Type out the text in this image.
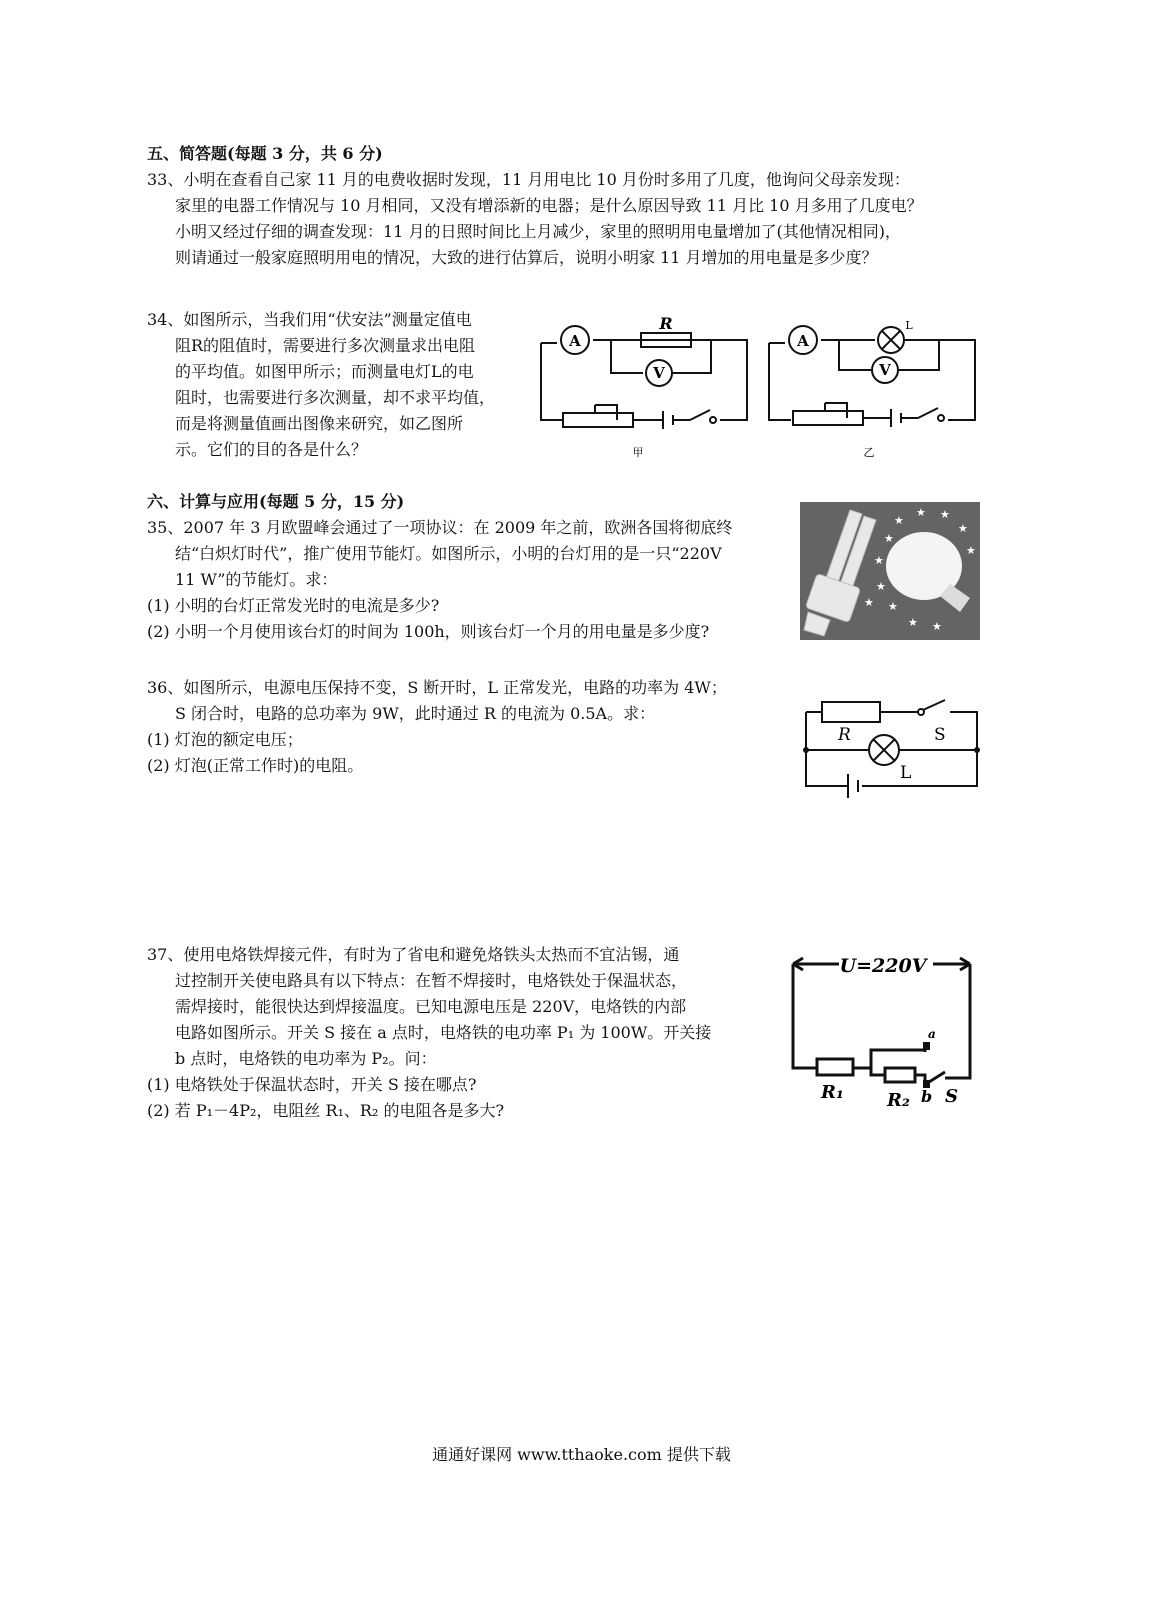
五、简答题(每题 3 分，共 6 分)
33、小明在查看自己家 11 月的电费收据时发现，11 月用电比 10 月份时多用了几度，他询问父母亲发现：
家里的电器工作情况与 10 月相同，又没有增添新的电器；是什么原因导致 11 月比 10 月多用了几度电？
小明又经过仔细的调查发现：11 月的日照时间比上月减少，家里的照明用电量增加了(其他情况相同)，
则请通过一般家庭照明用电的情况，大致的进行估算后，说明小明家 11 月增加的用电量是多少度？
34、如图所示，当我们用“伏安法”测量定值电
阻R的阻值时，需要进行多次测量求出电阻
的平均值。如图甲所示；而测量电灯L的电
阻时，也需要进行多次测量，却不求平均值，
而是将测量值画出图像来研究，如乙图所
示。它们的目的各是什么？
A
V
R
甲
A
V
L
乙
六、计算与应用(每题 5 分，15 分)
35、2007 年 3 月欧盟峰会通过了一项协议：在 2009 年之前，欧洲各国将彻底终
结“白炽灯时代”，推广使用节能灯。如图所示，小明的台灯用的是一只“220V
11 W”的节能灯。求：
(1) 小明的台灯正常发光时的电流是多少?
(2) 小明一个月使用该台灯的时间为 100h，则该台灯一个月的用电量是多少度?
★
★ ★
★
★
★
★
★
★
★ ★
★
36、如图所示，电源电压保持不变，S 断开时，L 正常发光，电路的功率为 4W；
S 闭合时，电路的总功率为 9W，此时通过 R 的电流为 0.5A。求：
(1) 灯泡的额定电压；
(2) 灯泡(正常工作时)的电阻。
R	S
L
37、使用电烙铁焊接元件，有时为了省电和避免烙铁头太热而不宜沾锡，通
过控制开关使电路具有以下特点：在暂不焊接时，电烙铁处于保温状态，
需焊接时，能很快达到焊接温度。已知电源电压是 220V，电烙铁的内部
电路如图所示。开关 S 接在 a 点时，电烙铁的电功率 P₁ 为 100W。开关接
b 点时，电烙铁的电功率为 P₂。问：
(1) 电烙铁处于保温状态时，开关 S 接在哪点?
(2) 若 P₁－4P₂，电阻丝 R₁、R₂ 的电阻各是多大?
U=220V
R₁ R₂
a
b S
通通好课网 www.tthaoke.com 提供下载
